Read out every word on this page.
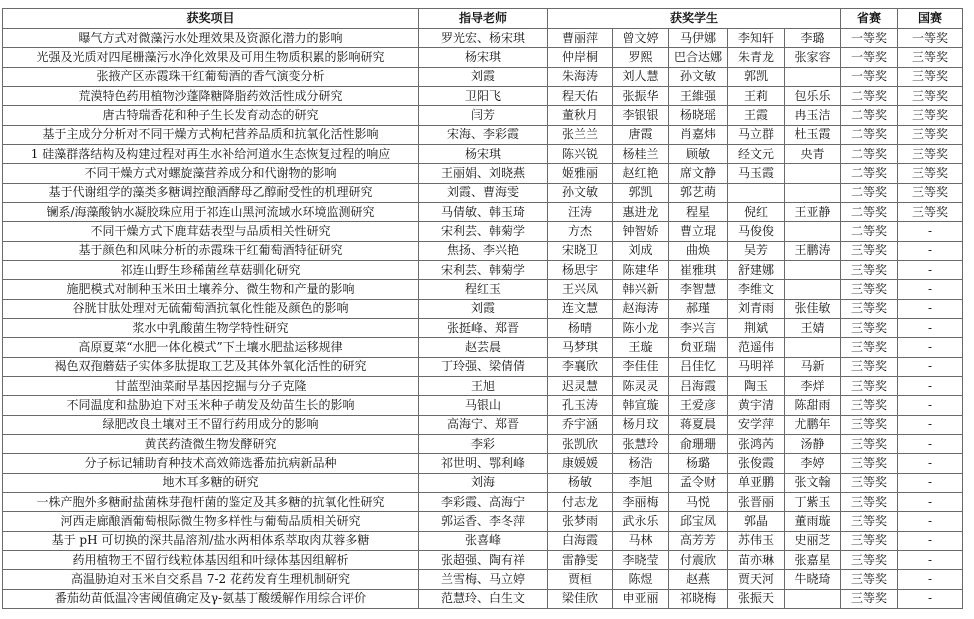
获奖项目	指导老师	获奖学生					省赛	国赛
曝气方式对微藻污水处理效果及资源化潜力的影响	罗光宏、杨宋琪	曹丽萍	曾文婷	马伊娜	李知轩	李璐	一等奖	一等奖
光强及光质对四尾栅藻污水净化效果及可用生物质积累的影响研究	杨宋琪	仲岸桐	罗熙	巴合达娜	朱青龙	张家容	一等奖	三等奖
张掖产区赤霞珠干红葡萄酒的香气演变分析	刘霞	朱海涛	刘人慧	孙文敏	郭凯		一等奖	三等奖
荒漠特色药用植物沙蓬降糖降脂药效活性成分研究	卫阳飞	程天佑	张振华	王維强	王莉	包乐乐	二等奖	三等奖
唐古特瑞香花和种子生长发育动态的研究	闫芳	董秋月	李银银	杨晓瑶	王霞	冉玉洁	二等奖	三等奖
基于主成分分析对不同干燥方式枸杞营养品质和抗氧化活性影响	宋海、李彩霞	张兰兰	唐霞	肖嘉炜	马立群	杜玉霞	二等奖	三等奖
1 硅藻群落结构及构建过程对再生水补给河道水生态恢复过程的响应	杨宋琪	陈兴锐	杨桂兰	顾敏	经文元	央青	二等奖	三等奖
不同干燥方式对螺旋藻营养成分和代谢物的影响	王丽娟、刘晓燕	姬雅丽	赵红艳	席文静	马玉霞		二等奖	三等奖
基于代谢组学的藻类多糖调控酿酒酵母乙醇耐受性的机理研究	刘霞、曹海雯	孙文敏	郭凯	郭艺萌			二等奖	三等奖
镧系/海藻酸钠水凝胶珠应用于祁连山黑河流域水环境监测研究	马倩敏、韩玉琦	汪涛	惠进龙	程星	倪红	王亚静	二等奖	三等奖
不同干燥方式下鹿茸菇表型与品质相关性研究	宋利芸、韩菊学	方杰	钟智娇	曹立琨	马俊俊		二等奖	-
基于颜色和风味分析的赤霞珠干红葡萄酒特征研究	焦扬、李兴艳	宋晓卫	刘成	曲焕	吴芳	王鹏涛	三等奖	-
祁连山野生珍稀菌丝草菇驯化研究	宋利芸、韩菊学	杨思宇	陈建华	崔雅琪	舒建娜		三等奖	-
施肥模式对制种玉米田土壤养分、微生物和产量的影响	程红玉	王兴凤	韩兴新	李智慧	李维文		三等奖	-
谷胱甘肽处理对无硫葡萄酒抗氧化性能及颜色的影响	刘霞	连文慧	赵海涛	郝瑾	刘青雨	张佳敏	三等奖	-
浆水中乳酸菌生物学特性研究	张挺峰、郑晋	杨晴	陈小龙	李兴言	荆斌	王婧	三等奖	-
高原夏菜“水肥一体化模式”下土壤水肥盐运移规律	赵芸晨	马梦琪	王璇	贠亚瑞	范遥伟		三等奖	-
褐色双孢蘑菇子实体多肽提取工艺及其体外氧化活性的研究	丁玲强、梁倩倩	李襄欣	李佳佳	吕佳忆	马明祥	马新	三等奖	-
甘蓝型油菜耐旱基因挖掘与分子克隆	王旭	迟灵慧	陈灵灵	吕海霞	陶玉	李烊	三等奖	-
不同温度和盐胁迫下对玉米种子萌发及幼苗生长的影响	马银山	孔玉涛	韩宣璇	王爱彦	黄宇清	陈甜雨	三等奖	-
绿肥改良土壤对王不留行药用成分的影响	高海宁、郑晋	乔宇涵	杨月玟	蒋夏晨	安学萍	尤鹏年	三等奖	-
黄芪药渣微生物发酵研究	李彩	张凯欣	张慧玲	俞珊珊	张鸿芮	汤静	三等奖	-
分子标记辅助育种技术高效筛选番茄抗病新品种	祁世明、鄂利峰	康媛媛	杨浩	杨璐	张俊霞	李婷	三等奖	-
地木耳多糖的研究	刘海	杨敏	李旭	孟令财	单亚鹏	张文翰	三等奖	-
一株产胞外多糖耐盐菌株芽孢杆菌的鉴定及其多糖的抗氧化性研究	李彩霞、高海宁	付志龙	李丽梅	马悦	张晋丽	丁紫玉	三等奖	-
河西走廊酿酒葡萄根际微生物多样性与葡萄品质相关研究	郭运香、李冬萍	张梦雨	武永乐	邱宝凤	郭晶	董雨璇	三等奖	-
基于 pH 可切换的深共晶溶剂/盐水两相体系萃取肉苁蓉多糖	张喜峰	白海霞	马林	高芳芳	苏伟玉	史丽芝	三等奖	-
药用植物王不留行线粒体基因组和叶绿体基因组解析	张超强、陶有祥	雷静雯	李晓莹	付震欣	苗亦琳	张嘉星	三等奖	-
高温胁迫对玉米自交系昌 7-2 花药发育生理机制研究	兰雪梅、马立婷	贾桓	陈煜	赵燕	贾天河	牛晓琦	三等奖	-
番茄幼苗低温冷害阈值确定及γ-氨基丁酸缓解作用综合评价	范慧玲、白生文	梁佳欣	申亚丽	祁晓梅	张振天		三等奖	-
